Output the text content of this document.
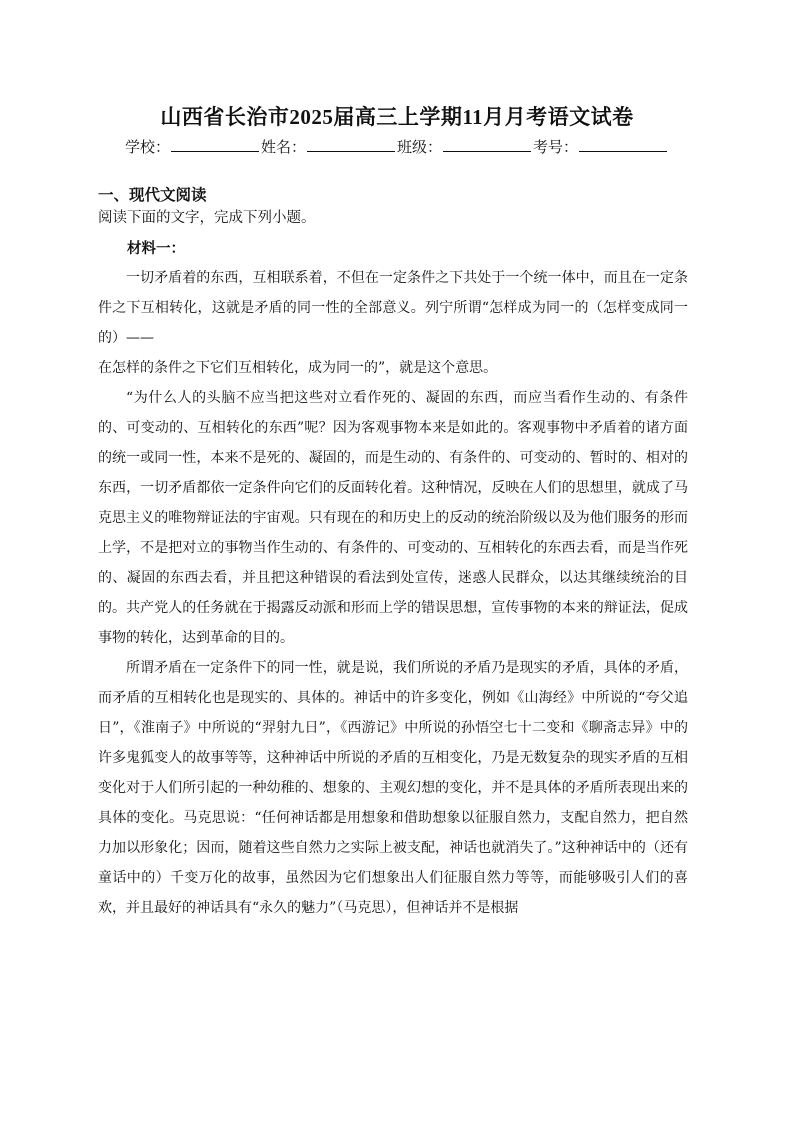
山西省长治市2025届高三上学期11月月考语文试卷
学校：	姓名：	班级：	考号：
一、现代文阅读
阅读下面的文字，完成下列小题。
材料一：

一切矛盾着的东西，互相联系着，不但在一定条件之下共处于一个统一体中，而且在一定条件之下互相转化，这就是矛盾的同一性的全部意义。列宁所谓“怎样成为同一的（怎样变成同一的）——

在怎样的条件之下它们互相转化，成为同一的”，就是这个意思。

“为什么人的头脑不应当把这些对立看作死的、凝固的东西，而应当看作生动的、有条件的、可变动的、互相转化的东西”呢？因为客观事物本来是如此的。客观事物中矛盾着的诸方面的统一或同一性，本来不是死的、凝固的，而是生动的、有条件的、可变动的、暂时的、相对的东西，一切矛盾都依一定条件向它们的反面转化着。这种情况，反映在人们的思想里，就成了马克思主义的唯物辩证法的宇宙观。只有现在的和历史上的反动的统治阶级以及为他们服务的形而上学，不是把对立的事物当作生动的、有条件的、可变动的、互相转化的东西去看，而是当作死的、凝固的东西去看，并且把这种错误的看法到处宣传，迷惑人民群众，以达其继续统治的目的。共产党人的任务就在于揭露反动派和形而上学的错误思想，宣传事物的本来的辩证法，促成事物的转化，达到革命的目的。

所谓矛盾在一定条件下的同一性，就是说，我们所说的矛盾乃是现实的矛盾，具体的矛盾，而矛盾的互相转化也是现实的、具体的。神话中的许多变化，例如《山海经》中所说的“夸父追日”，《淮南子》中所说的“羿射九日”，《西游记》中所说的孙悟空七十二变和《聊斋志异》中的许多鬼狐变人的故事等等，这种神话中所说的矛盾的互相变化，乃是无数复杂的现实矛盾的互相变化对于人们所引起的一种幼稚的、想象的、主观幻想的变化，并不是具体的矛盾所表现出来的具体的变化。马克思说：“任何神话都是用想象和借助想象以征服自然力，支配自然力，把自然力加以形象化；因而，随着这些自然力之实际上被支配，神话也就消失了。”这种神话中的（还有童话中的）千变万化的故事，虽然因为它们想象出人们征服自然力等等，而能够吸引人们的喜欢，并且最好的神话具有“永久的魅力”（马克思），但神话并不是根据
